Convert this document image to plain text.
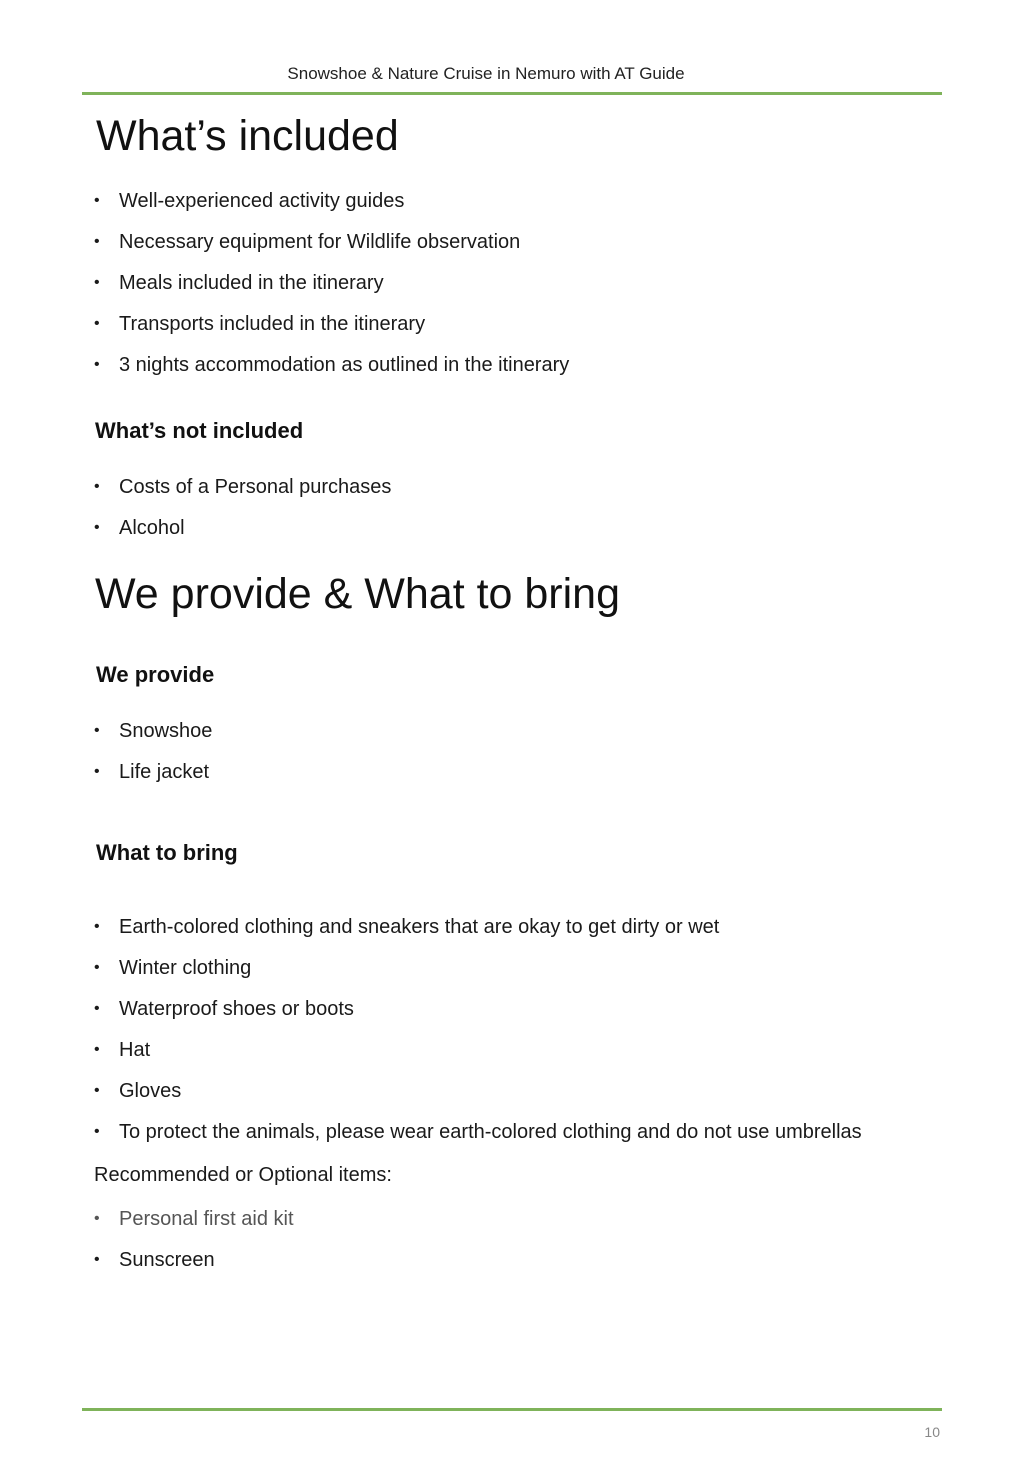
Snowshoe & Nature Cruise in Nemuro with AT Guide
What’s included
• Well-experienced activity guides
• Necessary equipment for Wildlife observation
• Meals included in the itinerary
• Transports included in the itinerary
• 3 nights accommodation as outlined in the itinerary
What’s not included
• Costs of a Personal purchases
• Alcohol
We provide & What to bring
We provide
• Snowshoe
• Life jacket
What to bring
• Earth-colored clothing and sneakers that are okay to get dirty or wet
• Winter clothing
• Waterproof shoes or boots
• Hat
• Gloves
• To protect the animals, please wear earth-colored clothing and do not use umbrellas
Recommended or Optional items:
• Personal first aid kit
• Sunscreen
10
